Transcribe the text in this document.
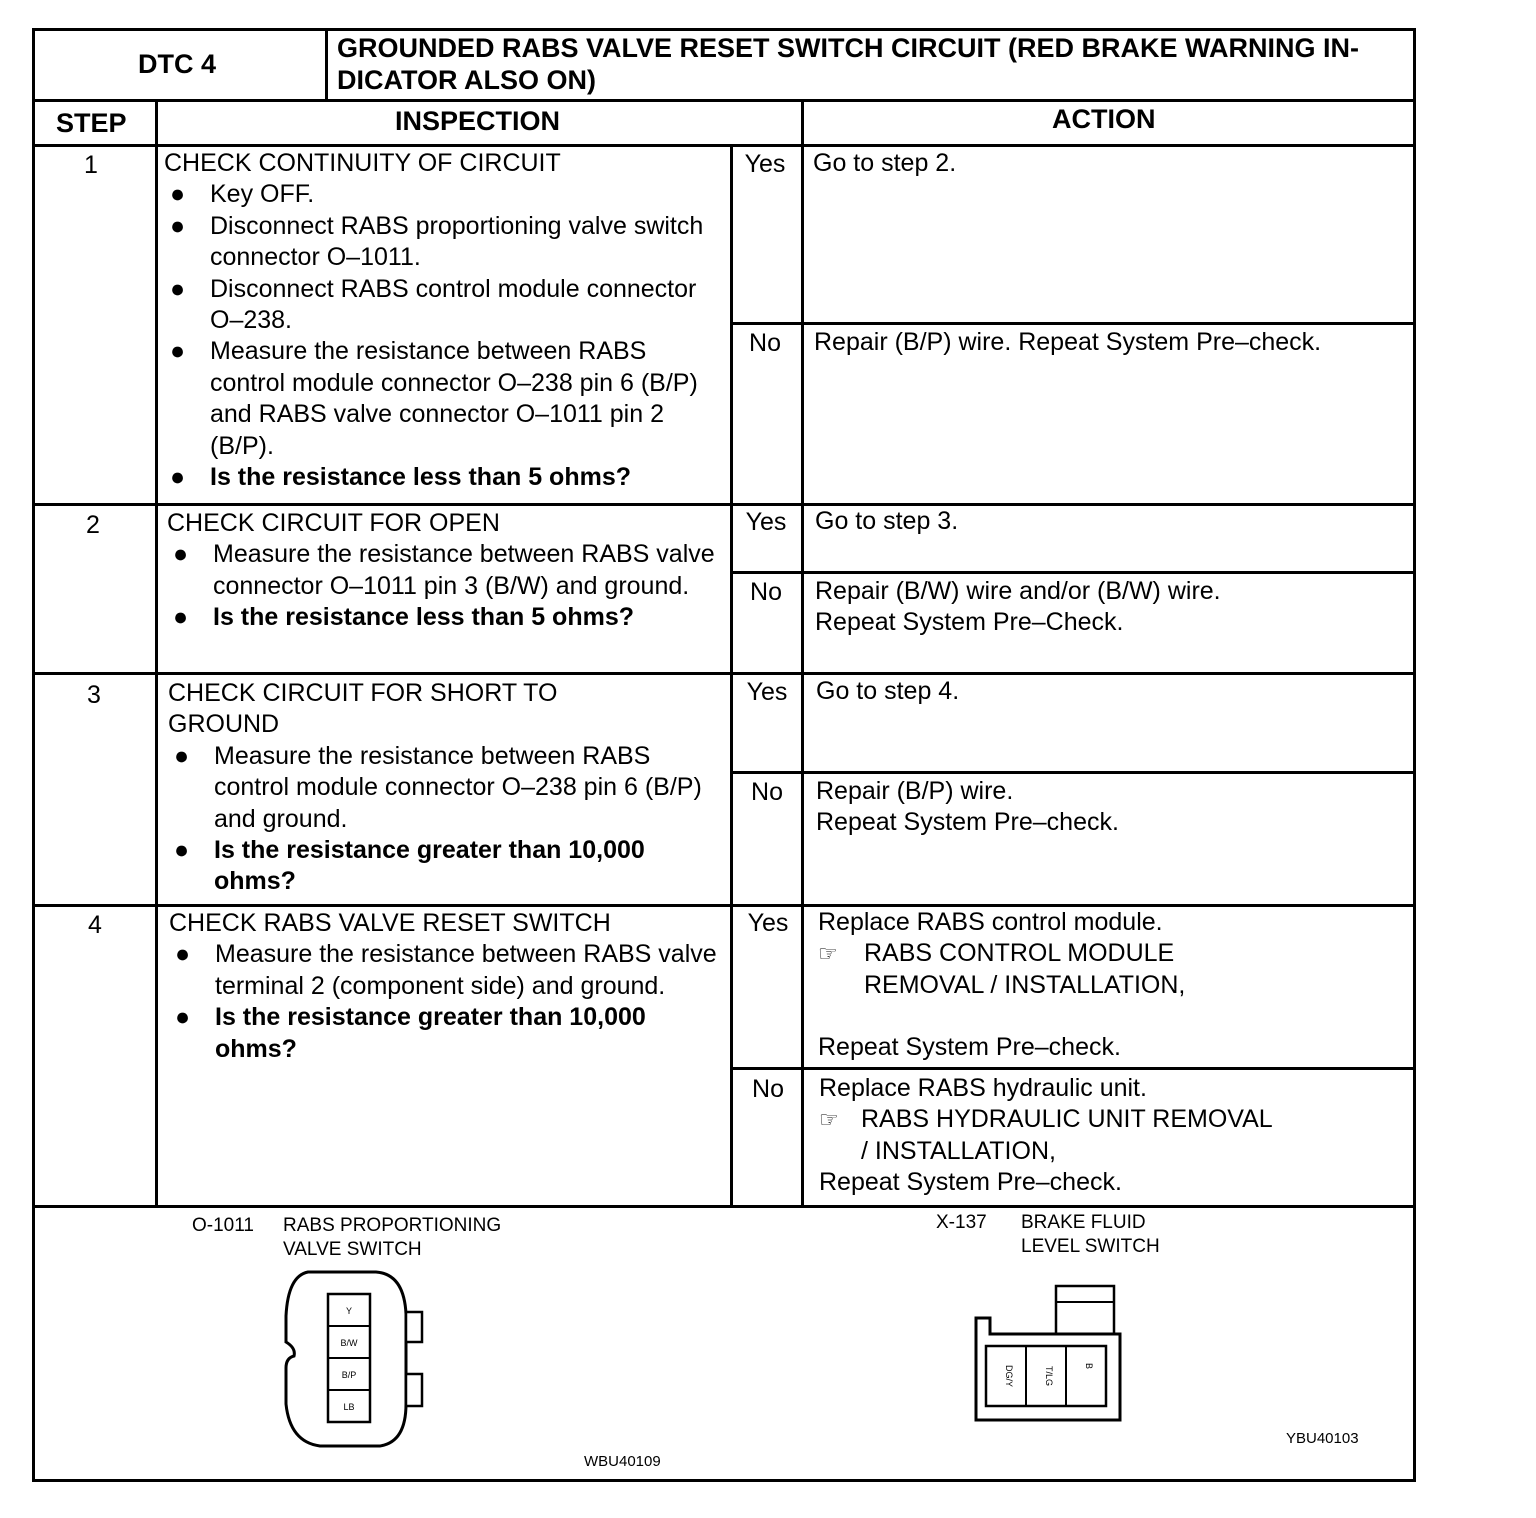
DTC 4
GROUNDED RABS VALVE RESET SWITCH CIRCUIT (RED BRAKE WARNING IN-
DICATOR ALSO ON)
STEP	INSPECTION	ACTION
1	CHECK CONTINUITY OF CIRCUIT
● Key OFF.
● Disconnect RABS proportioning valve switch connector O–1011.
● Disconnect RABS control module connector O–238.
● Measure the resistance between RABS control module connector O–238 pin 6 (B/P) and RABS valve connector O–1011 pin 2 (B/P).
● Is the resistance less than 5 ohms?
Yes	Go to step 2.
No	Repair (B/P) wire. Repeat System Pre–check.
2	CHECK CIRCUIT FOR OPEN
● Measure the resistance between RABS valve connector O–1011 pin 3 (B/W) and ground.
● Is the resistance less than 5 ohms?
Yes	Go to step 3.
No	Repair (B/W) wire and/or (B/W) wire.
Repeat System Pre–Check.
3	CHECK CIRCUIT FOR SHORT TO
GROUND
● Measure the resistance between RABS control module connector O–238 pin 6 (B/P) and ground.
● Is the resistance greater than 10,000 ohms?
Yes	Go to step 4.
No	Repair (B/P) wire.
Repeat System Pre–check.
4	CHECK RABS VALVE RESET SWITCH
● Measure the resistance between RABS valve terminal 2 (component side) and ground.
● Is the resistance greater than 10,000 ohms?
Yes	Replace RABS control module.
☞ RABS CONTROL MODULE
REMOVAL / INSTALLATION,
Repeat System Pre–check.
No	Replace RABS hydraulic unit.
☞ RABS HYDRAULIC UNIT REMOVAL
/ INSTALLATION,
Repeat System Pre–check.
O-1011 RABS PROPORTIONING
VALVE SWITCH
Y
B/W
B/P
LB
WBU40109
X-137 BRAKE FLUID
LEVEL SWITCH
DG/Y	T/LG	B
YBU40103
